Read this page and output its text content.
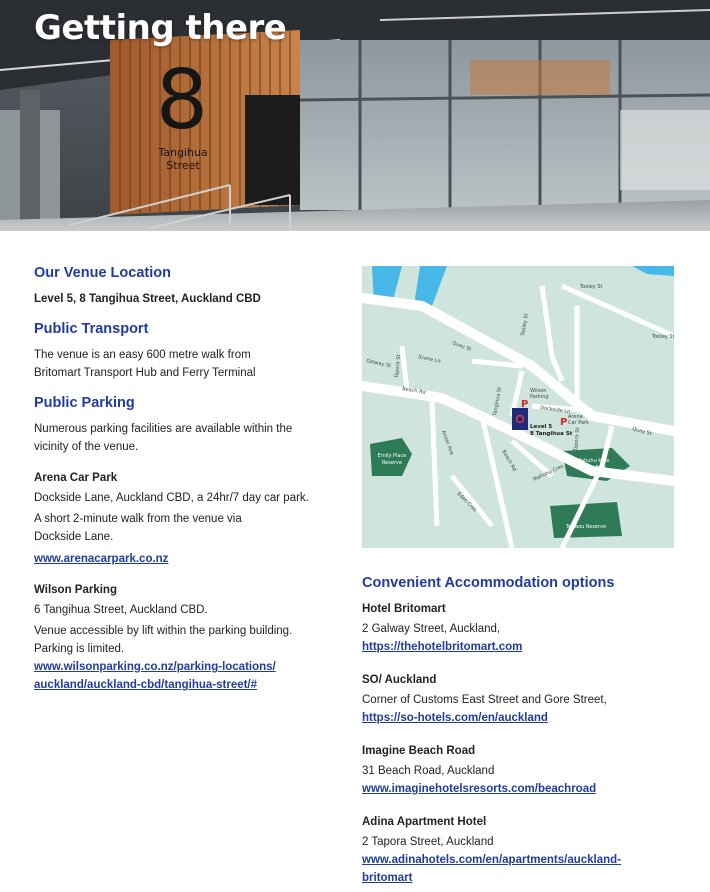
8
Tangihua
Street
Getting there
Our Venue Location

Level 5, 8 Tangihua Street, Auckland CBD

Public Transport

The venue is an easy 600 metre walk from

Britomart Transport Hub and Ferry Terminal

Public Parking

Numerous parking facilities are available within the

vicinity of the venue.

Arena Car Park

Dockside Lane, Auckland CBD, a 24hr/7 day car park.

A short 2-minute walk from the venue via

Dockside Lane.

www.arenacarpark.co.nz

Wilson Parking

6 Tangihua Street, Auckland CBD.

Venue accessible by lift within the parking building.

Parking is limited.

www.wilsonparking.co.nz/parking-locations/
auckland/auckland-cbd/tangihua-street/#
P
P
Tooley St
Tooley St
Tooley St
Quay St
Quay St
Galway St Tapora St	Scene Ln
Beach Rd
Anzac Ave
Tangihua St	Dockside Ln
Beach Rd
Mahuhu Cres
Eden Cres
Tapora St
Wilson
Parking
Arena
Car Park
Level 5
8 Tangihua St
Emily Place
Reserve	Mahuhu ki te
Rangi Park
Te Taou Reserve
Convenient Accommodation options

Hotel Britomart

2 Galway Street, Auckland,

https://thehotelbritomart.com

SO/ Auckland

Corner of Customs East Street and Gore Street,

https://so-hotels.com/en/auckland

Imagine Beach Road

31 Beach Road, Auckland

www.imaginehotelsresorts.com/beachroad

Adina Apartment Hotel

2 Tapora Street, Auckland

www.adinahotels.com/en/apartments/auckland-
britomart
